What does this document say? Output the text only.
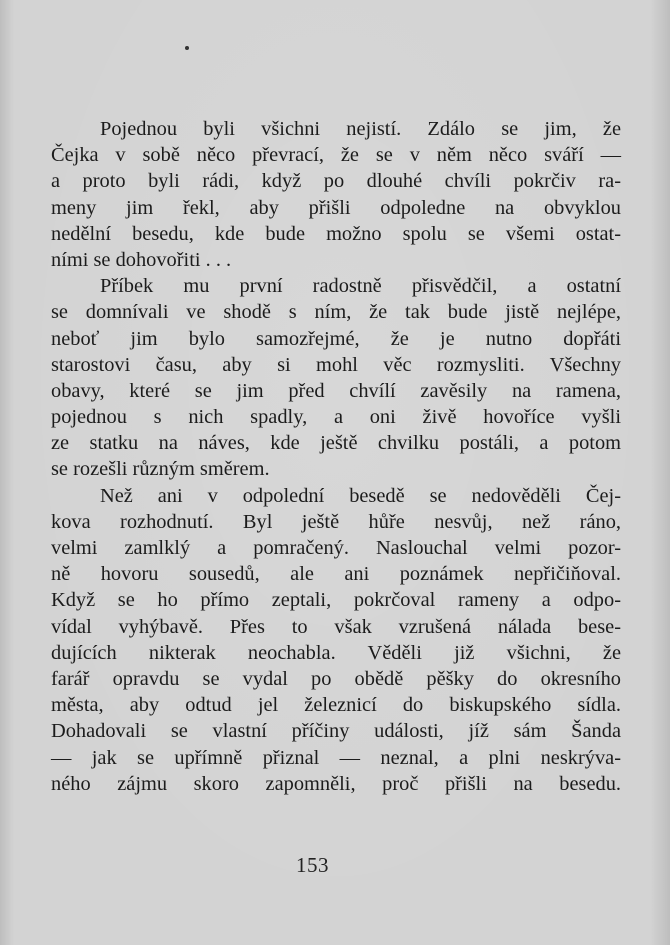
Pojednou byli všichni nejistí. Zdálo se jim, že
Čejka v sobě něco převrací, že se v něm něco sváří —
a proto byli rádi, když po dlouhé chvíli pokrčiv ra-
meny jim řekl, aby přišli odpoledne na obvyklou
nedělní besedu, kde bude možno spolu se všemi ostat-
ními se dohovořiti . . .
Příbek mu první radostně přisvědčil, a ostatní
se domnívali ve shodě s ním, že tak bude jistě nejlépe,
neboť jim bylo samozřejmé, že je nutno dopřáti
starostovi času, aby si mohl věc rozmysliti. Všechny
obavy, které se jim před chvílí zavěsily na ramena,
pojednou s nich spadly, a oni živě hovoříce vyšli
ze statku na náves, kde ještě chvilku postáli, a potom
se rozešli různým směrem.
Než ani v odpolední besedě se nedověděli Čej-
kova rozhodnutí. Byl ještě hůře nesvůj, než ráno,
velmi zamlklý a pomračený. Naslouchal velmi pozor-
ně hovoru sousedů, ale ani poznámek nepřičiňoval.
Když se ho přímo zeptali, pokrčoval rameny a odpo-
vídal vyhýbavě. Přes to však vzrušená nálada bese-
dujících nikterak neochabla. Věděli již všichni, že
farář opravdu se vydal po obědě pěšky do okresního
města, aby odtud jel železnicí do biskupského sídla.
Dohadovali se vlastní příčiny události, jíž sám Šanda
— jak se upřímně přiznal — neznal, a plni neskrýva-
ného zájmu skoro zapomněli, proč přišli na besedu.
153
